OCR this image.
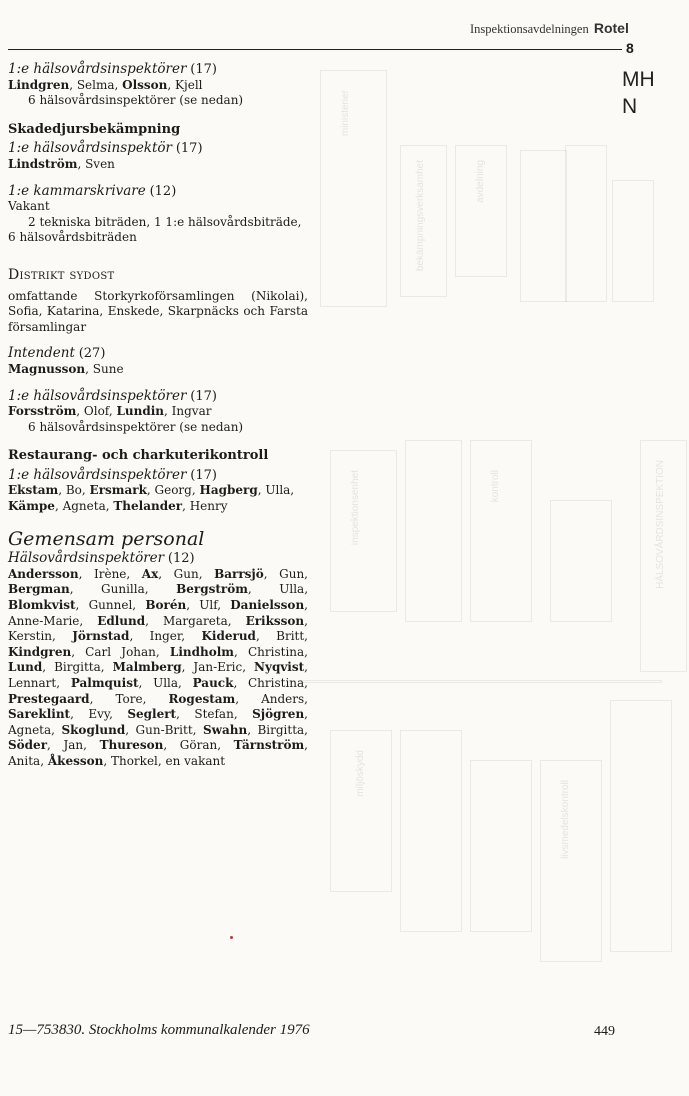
ministerier
bekämpningsverksamhet	avdelning
HÄLSOVÅRDSINSPEKTION
inspektionsenhet	kontroll
miljöskydd
livsmedelskontroll
Inspektionsavdelningen Rotel
8
MH
N

1:e hälsovårdsinspektörer (17)

Lindgren, Selma, Olsson, Kjell

6 hälsovårdsinspektörer (se nedan)

Skadedjursbekämpning

1:e hälsovårdsinspektör (17)

Lindström, Sven

1:e kammarskrivare (12)

Vakant

2 tekniska biträden, 1 1:e hälsovårdsbiträde,

6 hälsovårdsbiträden

Distrikt sydost

omfattande Storkyrkoförsamlingen (Nikolai), Sofia, Katarina, Enskede, Skarpnäcks och Farsta församlingar

Intendent (27)

Magnusson, Sune

1:e hälsovårdsinspektörer (17)

Forsström, Olof, Lundin, Ingvar

6 hälsovårdsinspektörer (se nedan)

Restaurang- och charkuterikontroll

1:e hälsovårdsinspektörer (17)

Ekstam, Bo, Ersmark, Georg, Hagberg, Ulla, Kämpe, Agneta, Thelander, Henry

Gemensam personal

Hälsovårdsinspektörer (12)

Andersson, Irène, Ax, Gun, Barrsjö, Gun, Bergman, Gunilla, Bergström, Ulla, Blomkvist, Gunnel, Borén, Ulf, Danielsson, Anne-Marie, Edlund, Margareta, Eriksson, Kerstin, Jörnstad, Inger, Kiderud, Britt, Kindgren, Carl Johan, Lindholm, Christina, Lund, Birgitta, Malmberg, Jan-Eric, Nyqvist, Lennart, Palmquist, Ulla, Pauck, Christina, Prestegaard, Tore, Rogestam, Anders, Sareklint, Evy, Seglert, Stefan, Sjögren, Agneta, Skoglund, Gun-Britt, Swahn, Birgitta, Söder, Jan, Thureson, Göran, Tärnström, Anita, Åkesson, Thorkel, en vakant

15—753830. Stockholms kommunalkalender 1976	449
